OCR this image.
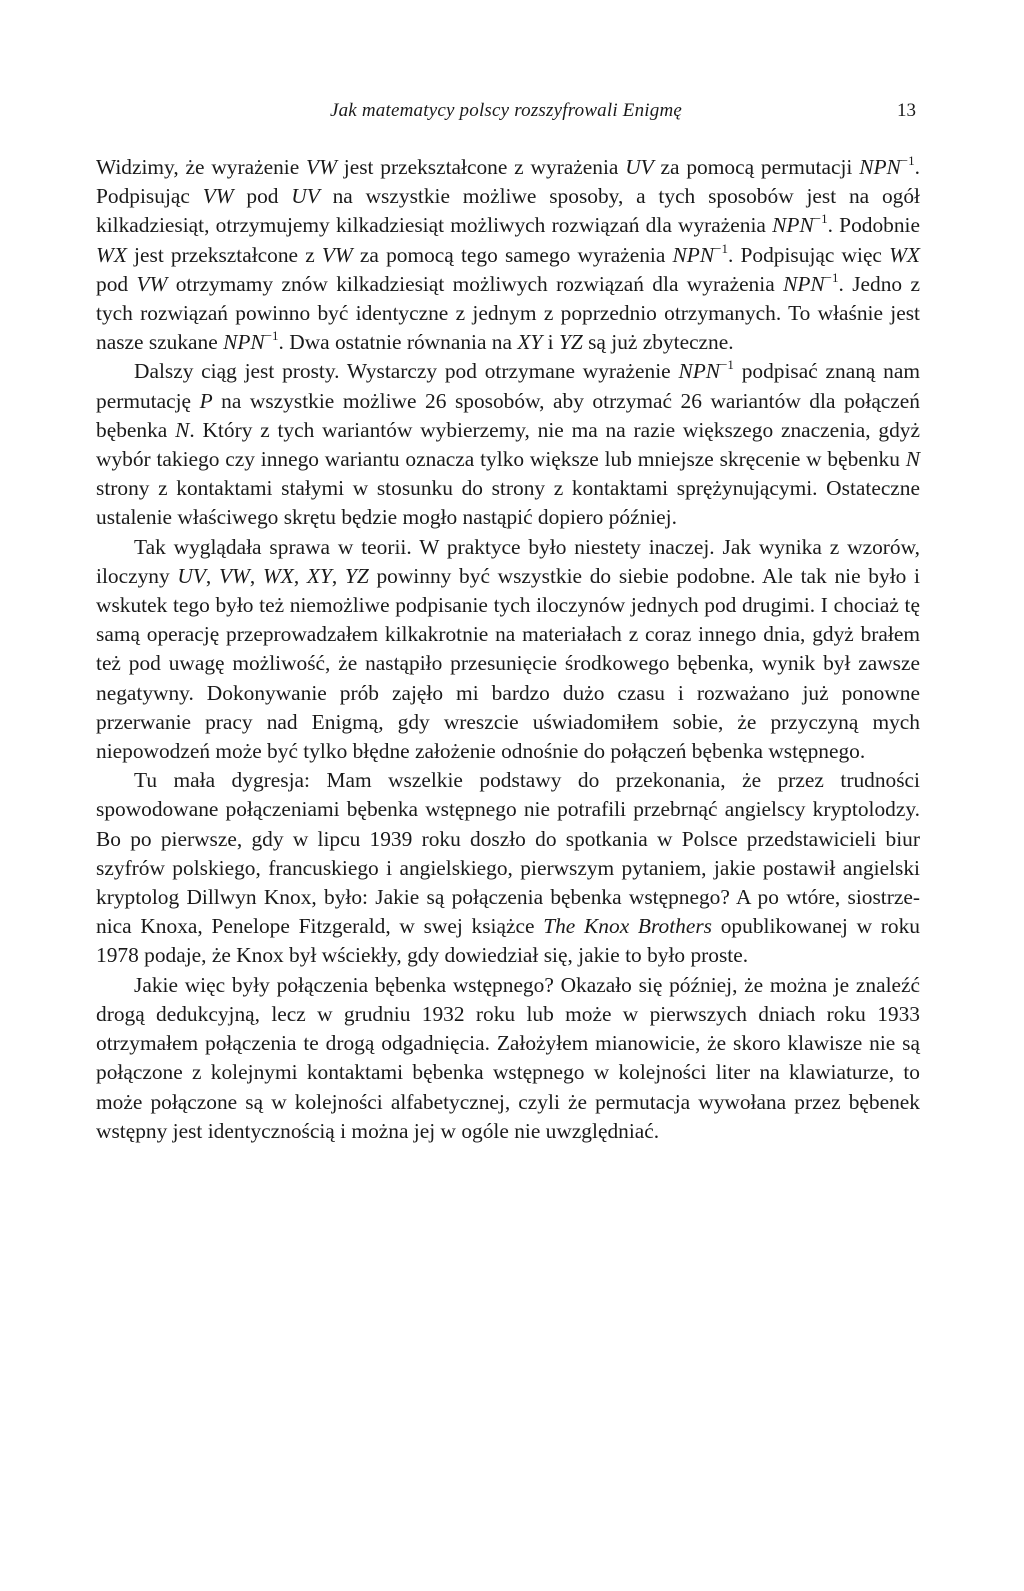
Jak matematycy polscy rozszyfrowali Enigmę	13

Widzimy, że wyrażenie VW jest przekształcone z wyrażenia UV za pomocą permutacji $NPN^{-1}$. Podpisując VW pod UV na wszystkie możliwe sposoby, a tych sposobów jest na ogół kilkadziesiąt, otrzymujemy kilkadziesiąt możliwych rozwiązań dla wyrażenia $NPN^{-1}$. Podobnie WX jest przekształcone z VW za pomocą tego samego wyrażenia $NPN^{-1}$. Podpisując więc WX pod VW otrzymamy znów kilkadziesiąt możliwych rozwiązań dla wyrażenia $NPN^{-1}$. Jedno z tych rozwiązań powinno być identyczne z jednym z poprzednio otrzymanych. To właśnie jest nasze szukane $NPN^{-1}$. Dwa ostatnie równania na XY i YZ są już zbyteczne.

Dalszy ciąg jest prosty. Wystarczy pod otrzymane wyrażenie $NPN^{-1}$ podpisać znaną nam permutację P na wszystkie możliwe 26 sposobów, aby otrzymać 26 wariantów dla połączeń bębenka N. Który z tych wariantów wybierzemy, nie ma na razie większego znaczenia, gdyż wybór takiego czy innego wariantu oznacza tylko większe lub mniejsze skręcenie w bębenku N strony z kontaktami stałymi w stosunku do strony z kontaktami sprężynującymi. Ostateczne ustalenie właściwego skrętu będzie mogło nastąpić dopiero później.

Tak wyglądała sprawa w teorii. W praktyce było niestety inaczej. Jak wynika z wzorów, iloczyny UV, VW, WX, XY, YZ powinny być wszystkie do siebie podobne. Ale tak nie było i wskutek tego było też niemożliwe podpisanie tych iloczynów jednych pod drugimi. I chociaż tę samą operację przeprowadzałem kilkakrotnie na materiałach z coraz innego dnia, gdyż brałem też pod uwagę możliwość, że nastąpiło przesunięcie środkowego bębenka, wynik był zawsze negatywny. Dokonywanie prób zajęło mi bardzo dużo czasu i rozważano już ponowne przerwanie pracy nad Enigmą, gdy wreszcie uświadomiłem sobie, że przyczyną mych niepowodzeń może być tylko błędne założenie odnośnie do połączeń bębenka wstępnego.

Tu mała dygresja: Mam wszelkie podstawy do przekonania, że przez trudności spowodowane połączeniami bębenka wstępnego nie potrafili przebrnąć angielscy kryptolodzy. Bo po pierwsze, gdy w lipcu 1939 roku doszło do spotkania w Polsce przedstawicieli biur szyfrów polskiego, francuskiego i angielskiego, pierwszym pytaniem, jakie postawił angielski kryptolog Dillwyn Knox, było: Jakie są połączenia bębenka wstępnego? A po wtóre, siostrzenica Knoxa, Penelope Fitzgerald, w swej książce The Knox Brothers opublikowanej w roku 1978 podaje, że Knox był wściekły, gdy dowiedział się, jakie to było proste.

Jakie więc były połączenia bębenka wstępnego? Okazało się później, że można je znaleźć drogą dedukcyjną, lecz w grudniu 1932 roku lub może w pierwszych dniach roku 1933 otrzymałem połączenia te drogą odgadnięcia. Założyłem mianowicie, że skoro klawisze nie są połączone z kolejnymi kontaktami bębenka wstępnego w kolejności liter na klawiaturze, to może połączone są w kolejności alfabetycznej, czyli że permutacja wywołana przez bębenek wstępny jest identycznością i można jej w ogóle nie uwzględniać.
